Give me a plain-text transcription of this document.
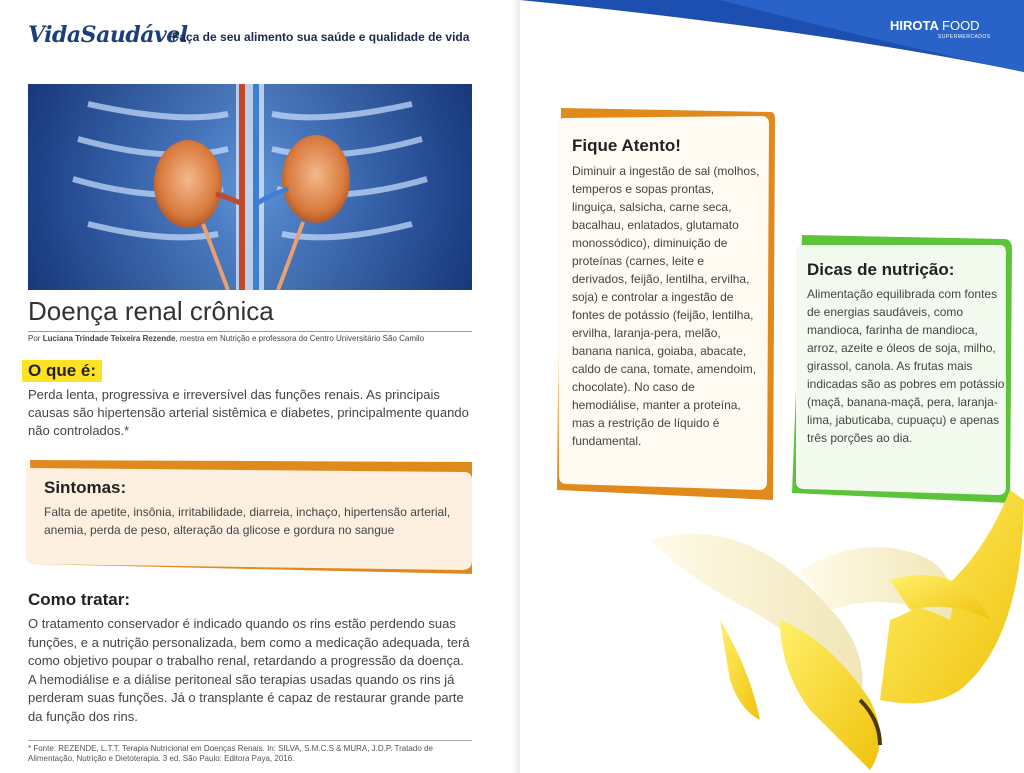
VidaSaudável
Faça de seu alimento sua saúde e qualidade de vida
Doença renal crônica
Por Luciana Trindade Teixeira Rezende, mestra em Nutrição e professora do Centro Universitário São Camilo
O que é:
Perda lenta, progressiva e irreversível das funções renais. As principais causas são hipertensão arterial sistêmica e diabetes, principalmente quando não controlados.*
Sintomas:
Falta de apetite, insônia, irritabilidade, diarreia, inchaço, hipertensão arterial, anemia, perda de peso, alteração da glicose e gordura no sangue
Como tratar:
O tratamento conservador é indicado quando os rins estão perdendo suas funções, e a nutrição personalizada, bem como a medicação adequada, terá como objetivo poupar o trabalho renal, retardando a progressão da doença. A hemodiálise e a diálise peritoneal são terapias usadas quando os rins já perderam suas funções. Já o transplante é capaz de restaurar grande parte da função dos rins.
* Fonte: REZENDE, L.T.T. Terapia Nutricional em Doenças Renais. In: SILVA, S.M.C.S & MURA, J.D.P. Tratado de Alimentação, Nutrição e Dietoterapia. 3 ed. São Paulo: Editora Paya, 2016.
HIROTA FOOD
SUPERMERCADOS
Fique Atento!
Diminuir a ingestão de sal (molhos, temperos e sopas prontas, linguiça, salsicha, carne seca, bacalhau, enlatados, glutamato monossódico), diminuição de proteínas (carnes, leite e derivados, feijão, lentilha, ervilha, soja) e controlar a ingestão de fontes de potássio (feijão, lentilha, ervilha, laranja-pera, melão, banana nanica, goiaba, abacate, caldo de cana, tomate, amendoim, chocolate). No caso de hemodiálise, manter a proteína, mas a restrição de líquido é fundamental.
Dicas de nutrição:
Alimentação equilibrada com fontes de energias saudáveis, como mandioca, farinha de mandioca, arroz, azeite e óleos de soja, milho, girassol, canola. As frutas mais indicadas são as pobres em potássio (maçã, banana-maçã, pera, laranja-lima, jabuticaba, cupuaçu) e apenas três porções ao dia.
